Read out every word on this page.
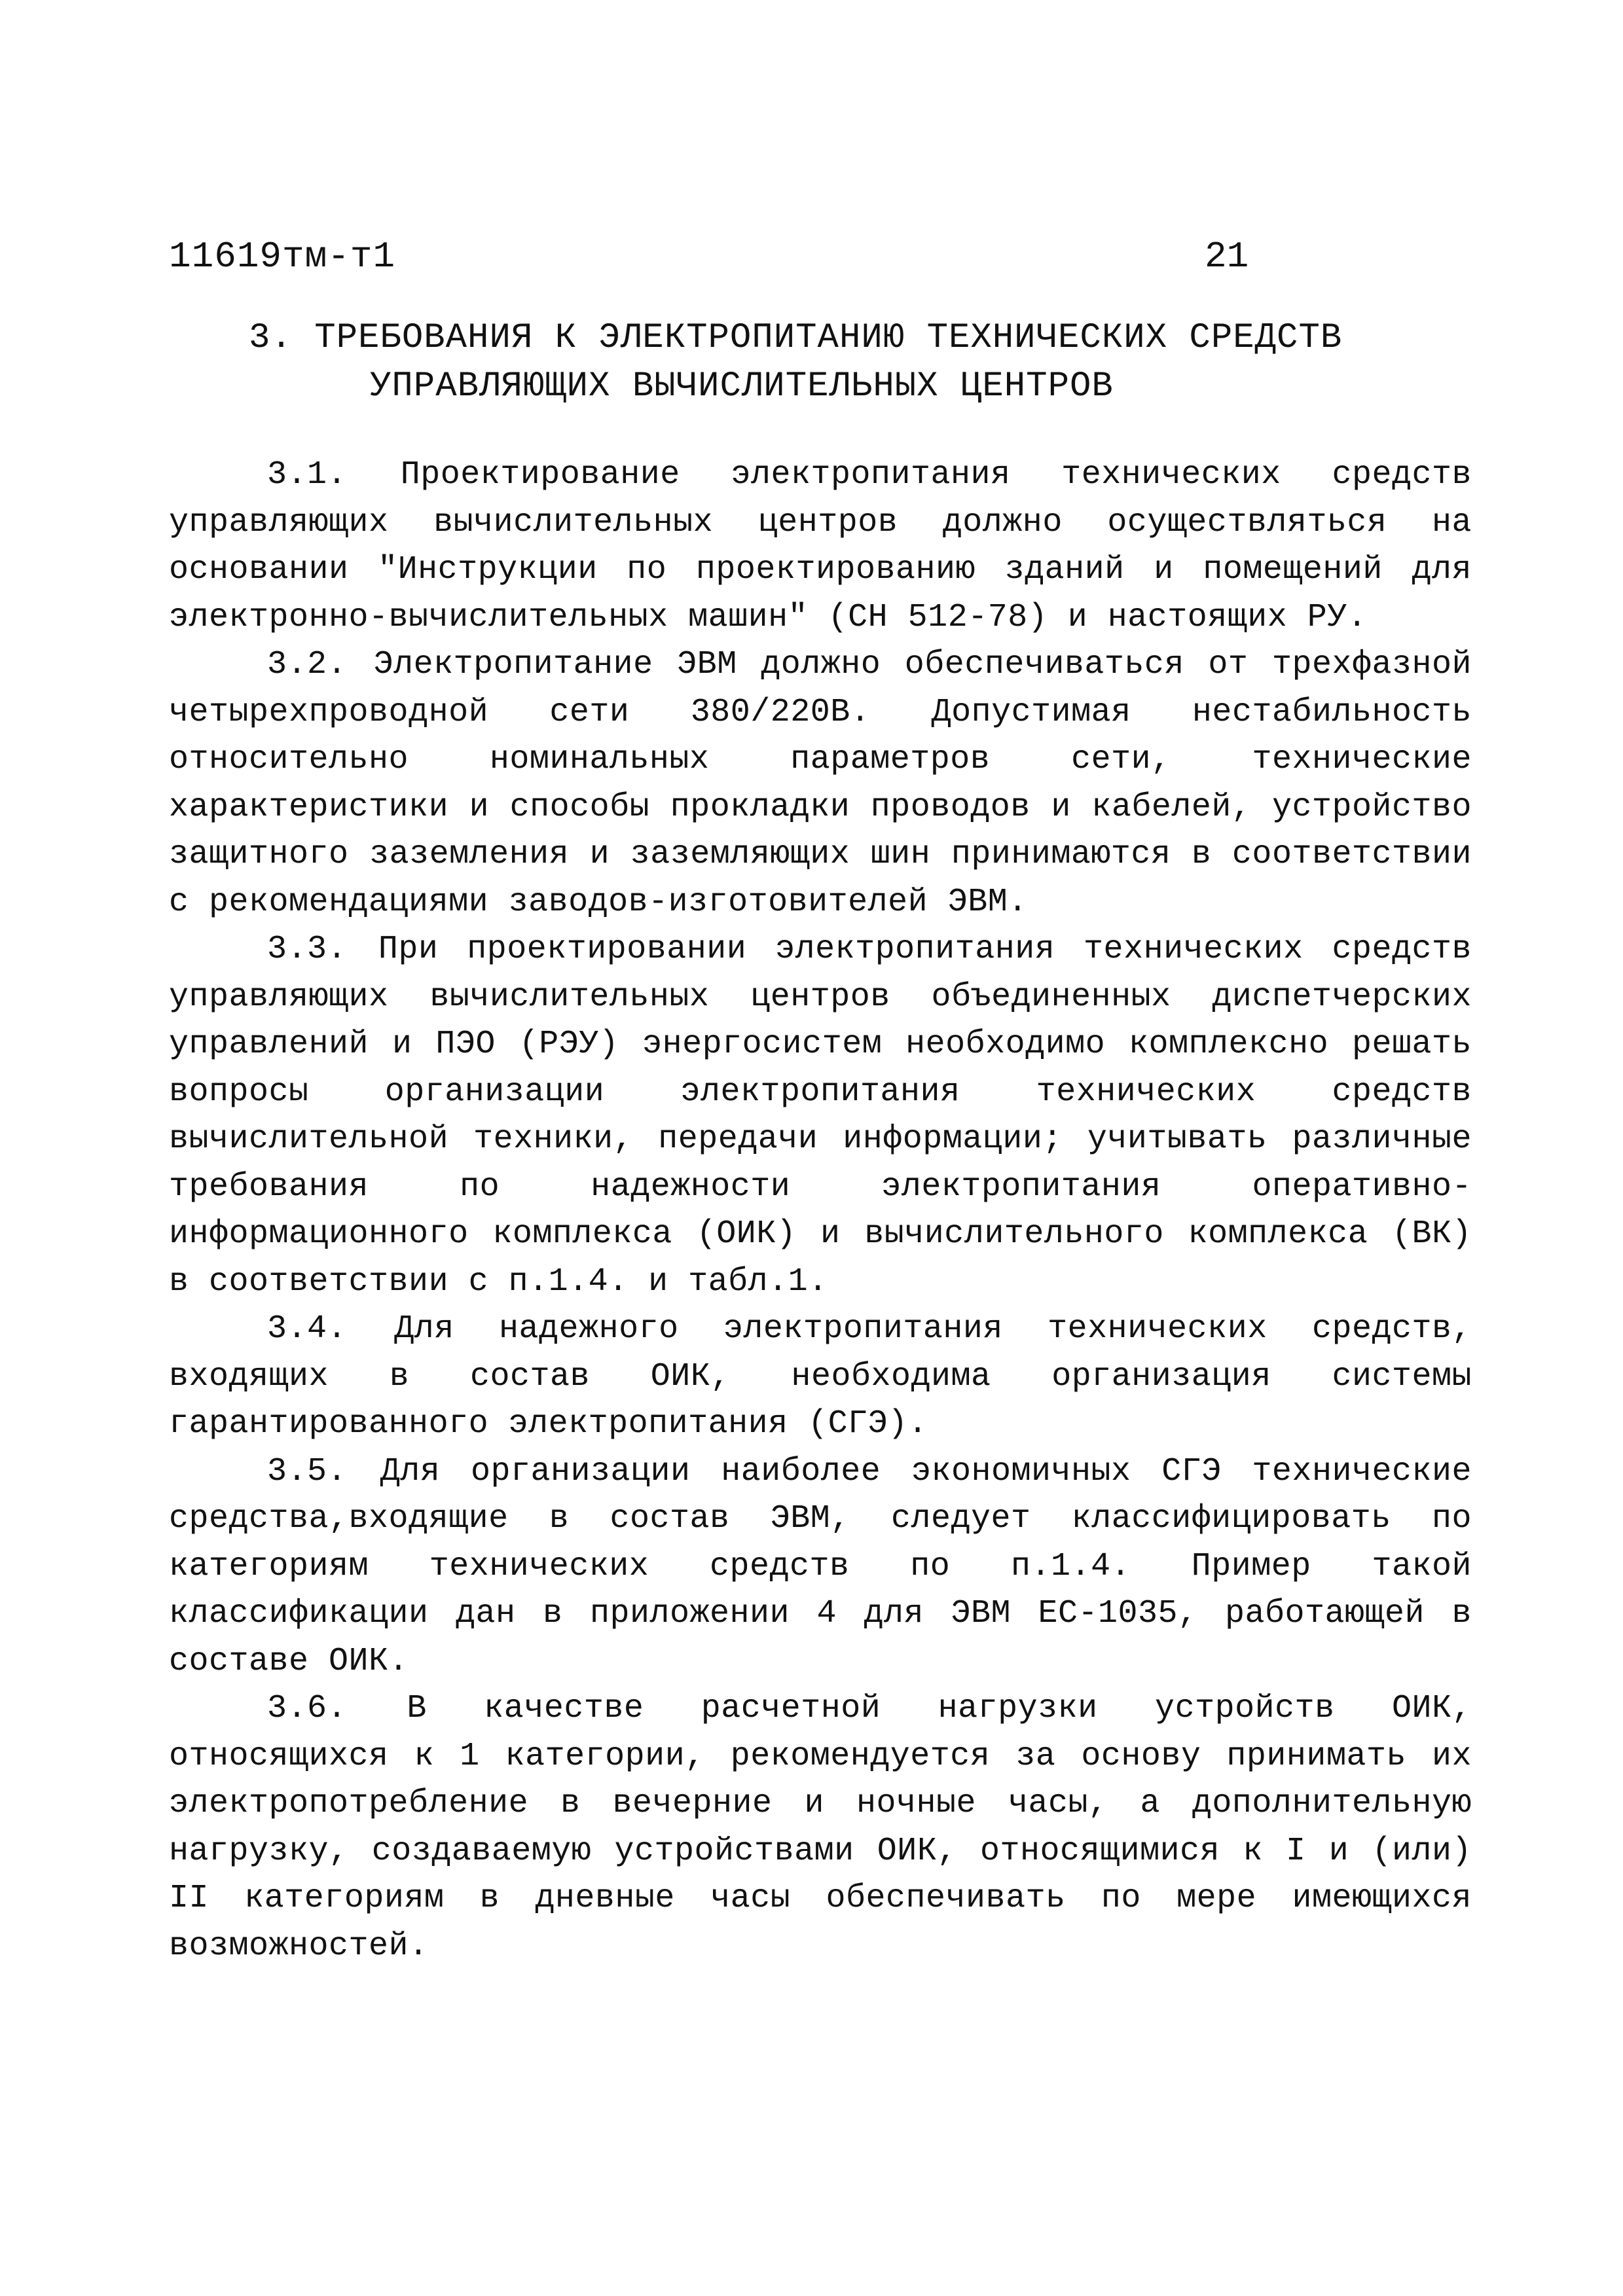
11619тм-т1	21
3. ТРЕБОВАНИЯ К ЭЛЕКТРОПИТАНИЮ ТЕХНИЧЕСКИХ СРЕДСТВ
УПРАВЛЯЮЩИХ ВЫЧИСЛИТЕЛЬНЫХ ЦЕНТРОВ

3.1. Проектирование электропитания технических средств управляющих вычислительных центров должно осуществляться на основании "Инструкции по проектированию зданий и помещений для электронно-вычислительных машин" (СН 512-78) и настоящих РУ.

3.2. Электропитание ЭВМ должно обеспечиваться от трехфазной четырехпроводной сети 380/220В. Допустимая нестабильность относительно номинальных параметров сети, технические характеристики и способы прокладки проводов и кабелей, устройство защитного заземления и заземляющих шин принимаются в соответствии с рекомендациями заводов-изготовителей ЭВМ.

3.3. При проектировании электропитания технических средств управляющих вычислительных центров объединенных диспетчерских управлений и ПЭО (РЭУ) энергосистем необходимо комплексно решать вопросы организации электропитания технических средств вычислительной техники, передачи информации; учитывать различные требования по надежности электропитания оперативно-информационного комплекса (ОИК) и вычислительного комплекса (ВК) в соответствии с п.1.4. и табл.1.

3.4. Для надежного электропитания технических средств, входящих в состав ОИК, необходима организация системы гарантированного электропитания (СГЭ).

3.5. Для организации наиболее экономичных СГЭ технические средства,входящие в состав ЭВМ, следует классифицировать по категориям технических средств по п.1.4. Пример такой классификации дан в приложении 4 для ЭВМ ЕС-1035, работающей в составе ОИК.

3.6. В качестве расчетной нагрузки устройств ОИК, относящихся к 1 категории, рекомендуется за основу принимать их электропотребление в вечерние и ночные часы, а дополнительную нагрузку, создаваемую устройствами ОИК, относящимися к I и (или) II категориям в дневные часы обеспечивать по мере имеющихся возможностей.
